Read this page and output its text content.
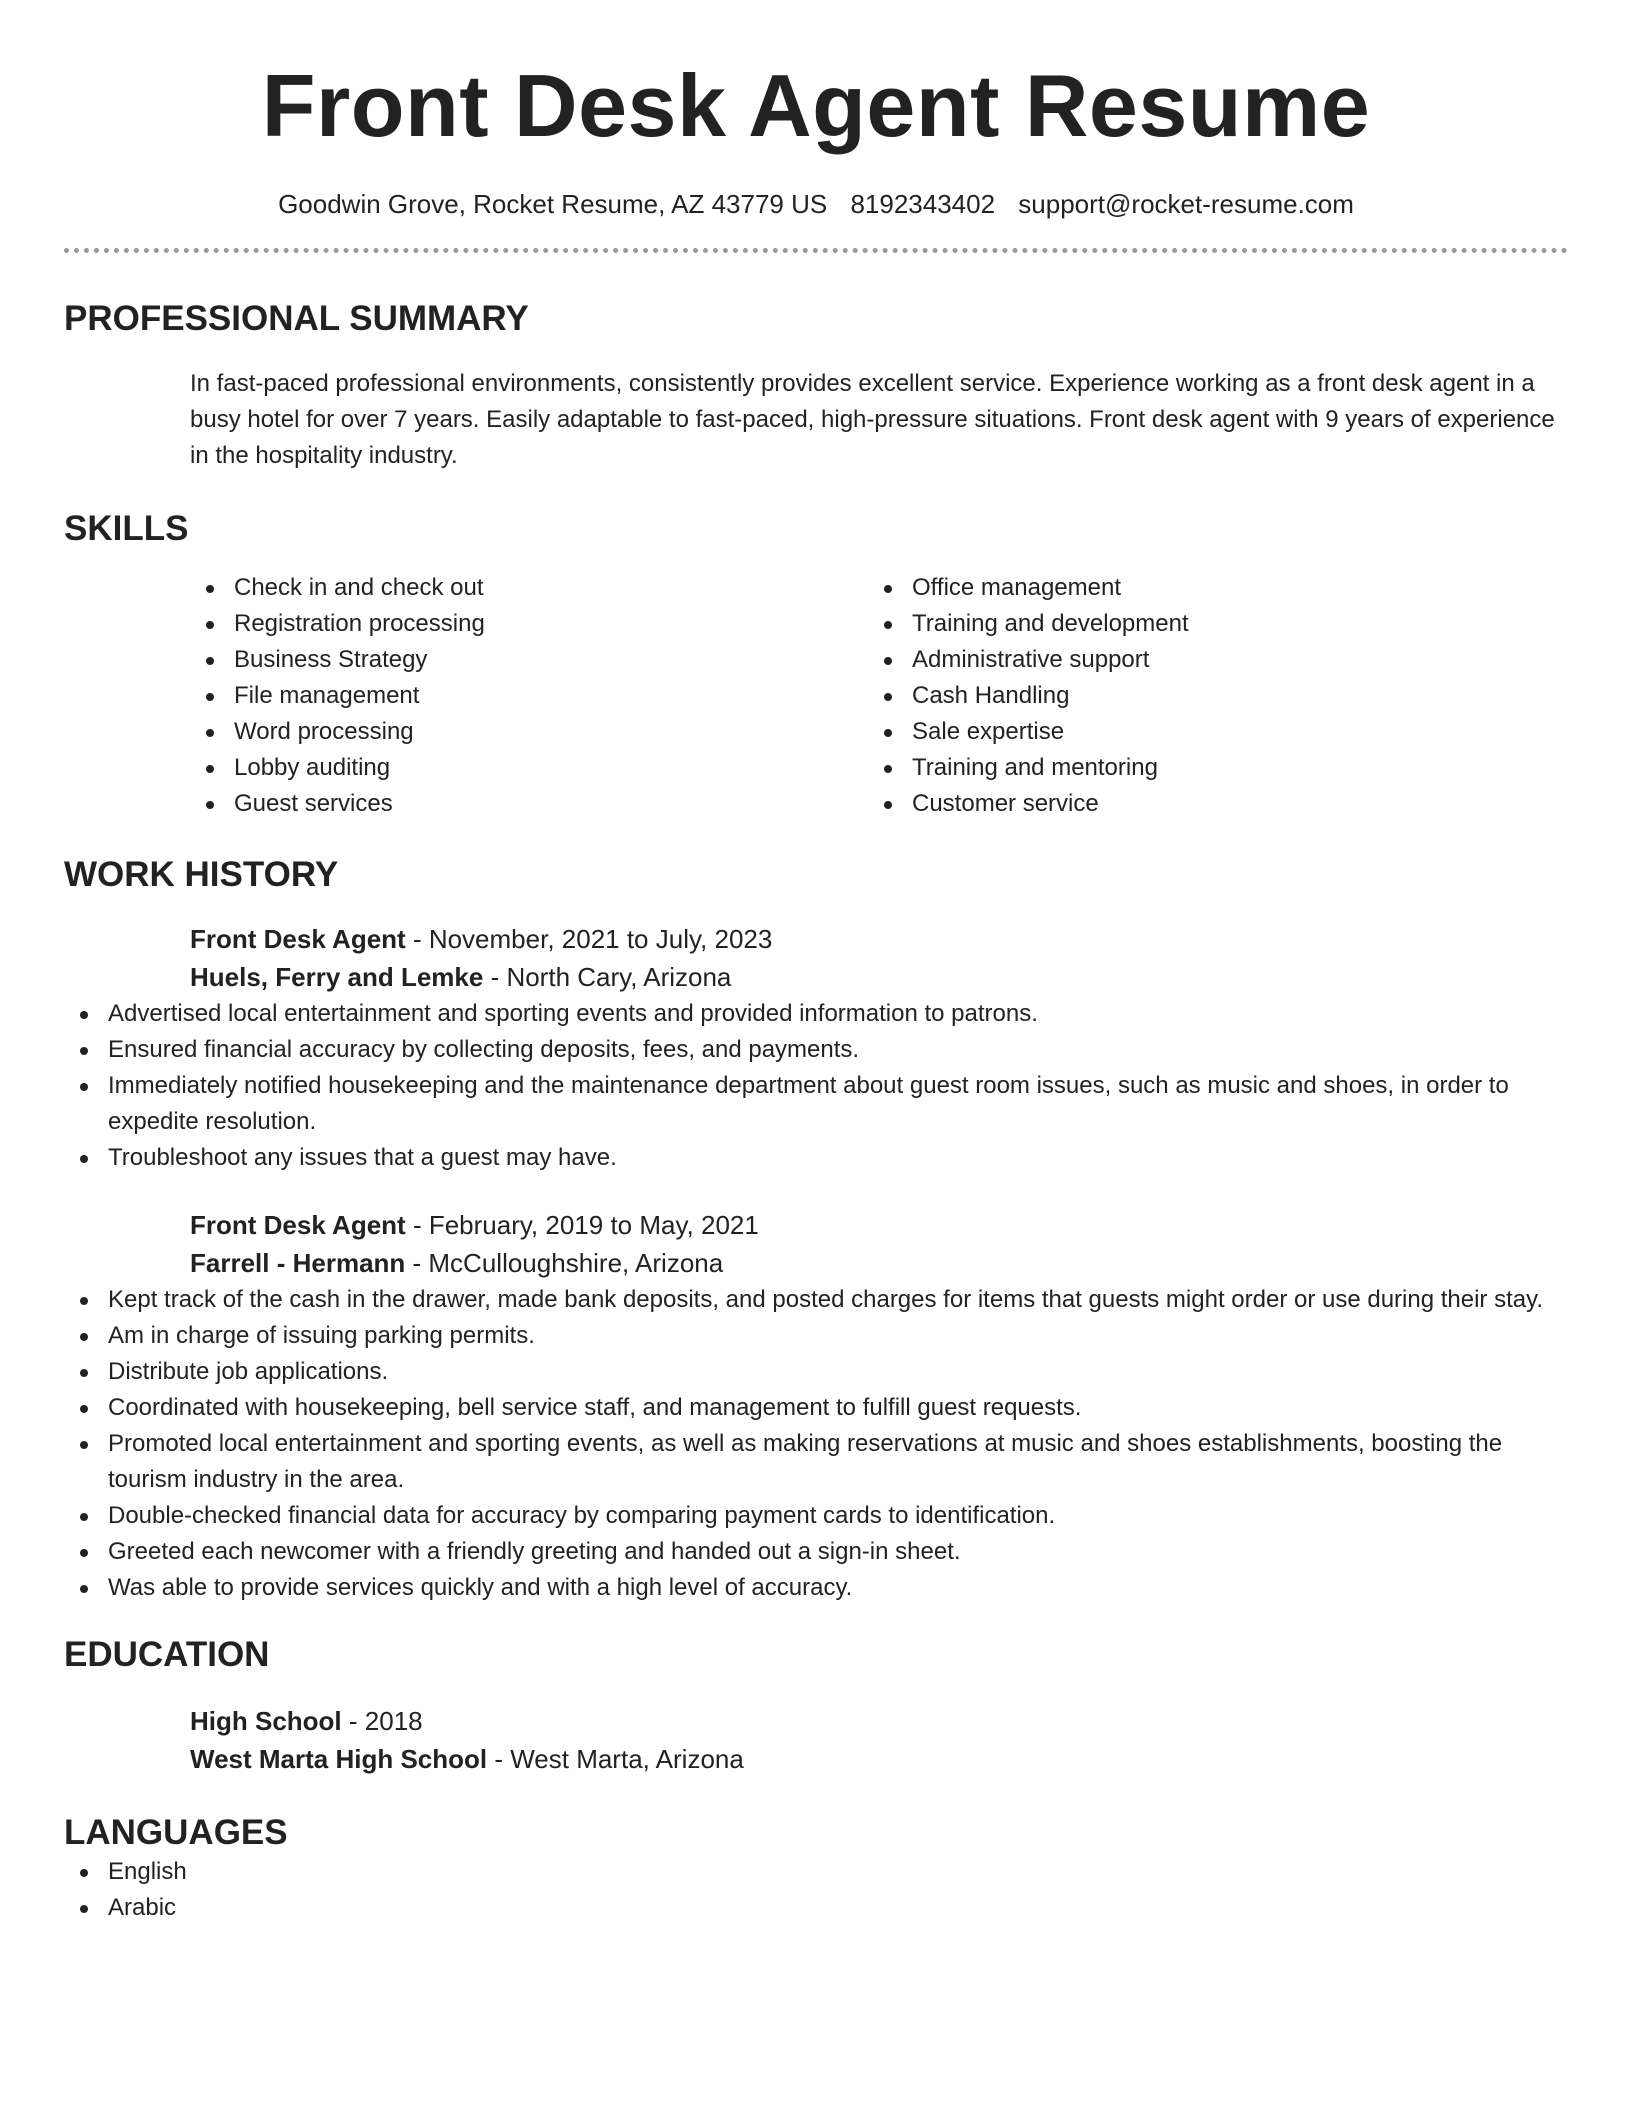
Front Desk Agent Resume
Goodwin Grove, Rocket Resume, AZ 43779 US 8192343402 support@rocket-resume.com
PROFESSIONAL SUMMARY

In fast-paced professional environments, consistently provides excellent service. Experience working as a front desk agent in a busy hotel for over 7 years. Easily adaptable to fast-paced, high-pressure situations. Front desk agent with 9 years of experience in the hospitality industry.

SKILLS
Check in and check out
Registration processing
Business Strategy
File management
Word processing
Lobby auditing
Guest services
Office management
Training and development
Administrative support
Cash Handling
Sale expertise
Training and mentoring
Customer service
WORK HISTORY
Front Desk Agent - November, 2021 to July, 2023
Huels, Ferry and Lemke - North Cary, Arizona
Advertised local entertainment and sporting events and provided information to patrons.
Ensured financial accuracy by collecting deposits, fees, and payments.
Immediately notified housekeeping and the maintenance department about guest room issues, such as music and shoes, in order to expedite resolution.
Troubleshoot any issues that a guest may have.
Front Desk Agent - February, 2019 to May, 2021
Farrell - Hermann - McCulloughshire, Arizona
Kept track of the cash in the drawer, made bank deposits, and posted charges for items that guests might order or use during their stay.
Am in charge of issuing parking permits.
Distribute job applications.
Coordinated with housekeeping, bell service staff, and management to fulfill guest requests.
Promoted local entertainment and sporting events, as well as making reservations at music and shoes establishments, boosting the tourism industry in the area.
Double-checked financial data for accuracy by comparing payment cards to identification.
Greeted each newcomer with a friendly greeting and handed out a sign-in sheet.
Was able to provide services quickly and with a high level of accuracy.
EDUCATION
High School - 2018
West Marta High School - West Marta, Arizona
LANGUAGES
English
Arabic
